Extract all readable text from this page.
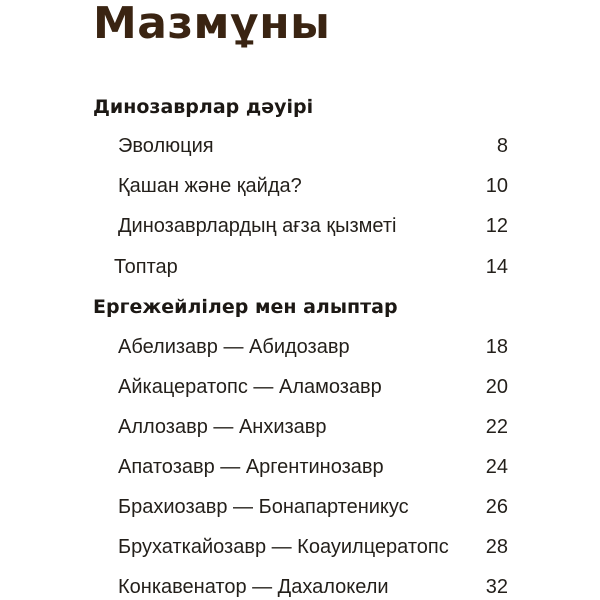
Мазмұны
Динозаврлар дәуірі
Эволюция	8
Қашан және қайда?	10
Динозаврлардың ағза қызметі	12
Топтар	14
Ергежейлілер мен алыптар
Абелизавр — Абидозавр	18
Айкацератопс — Аламозавр	20
Аллозавр — Анхизавр	22
Апатозавр — Аргентинозавр	24
Брахиозавр — Бонапартеникус	26
Брухаткайозавр — Коауилцератопс 28
Конкавенатор — Дахалокели	32
